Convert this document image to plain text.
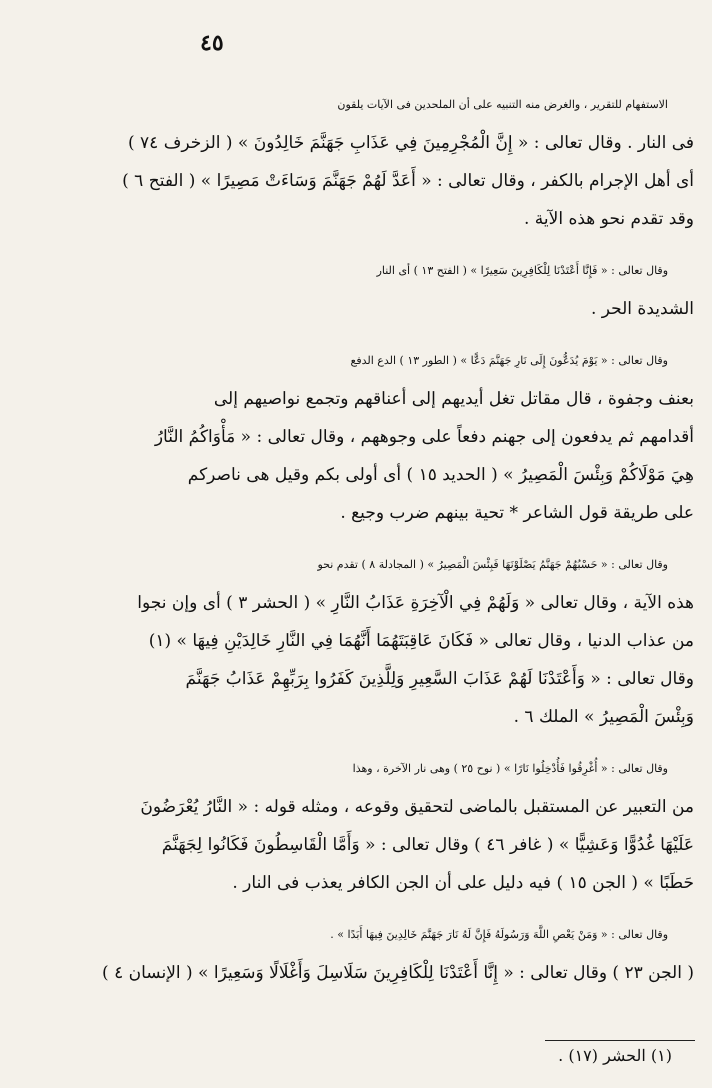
٤٥
الاستفهام للتقرير ، والغرض منه التنبيه على أن الملحدين فى الآيات يلقون
فى النار . وقال تعالى : « إِنَّ الْمُجْرِمِينَ فِي عَذَابِ جَهَنَّمَ خَالِدُونَ » ( الزخرف ٧٤ )
أى أهل الإجرام بالكفر ، وقال تعالى : « أَعَدَّ لَهُمْ جَهَنَّمَ وَسَاءَتْ مَصِيرًا » ( الفتح ٦ )
وقد تقدم نحو هذه الآية .
وقال تعالى : « فَإِنَّا أَعْتَدْنَا لِلْكَافِرِينَ سَعِيرًا » ( الفتح ١٣ ) أى النار
الشديدة الحر .
وقال تعالى : « يَوْمَ يُدَعُّونَ إِلَى نَارِ جَهَنَّمَ دَعًّا » ( الطور ١٣ ) الدع الدفع
بعنف وجفوة ، قال مقاتل تغل أيديهم إلى أعناقهم وتجمع نواصيهم إلى
أقدامهم ثم يدفعون إلى جهنم دفعاً على وجوههم ، وقال تعالى : « مَأْوَاكُمُ النَّارُ
هِيَ مَوْلَاكُمْ وَبِئْسَ الْمَصِيرُ » ( الحديد ١٥ ) أى أولى بكم وقيل هى ناصركم
على طريقة قول الشاعر * تحية بينهم ضرب وجيع .
وقال تعالى : « حَسْبُهُمْ جَهَنَّمُ يَصْلَوْنَهَا فَبِئْسَ الْمَصِيرُ » ( المجادلة ٨ ) تقدم نحو
هذه الآية ، وقال تعالى « وَلَهُمْ فِي الْآخِرَةِ عَذَابُ النَّارِ » ( الحشر ٣ ) أى وإن نجوا
من عذاب الدنيا ، وقال تعالى « فَكَانَ عَاقِبَتَهُمَا أَنَّهُمَا فِي النَّارِ خَالِدَيْنِ فِيهَا » (١)
وقال تعالى : « وَأَعْتَدْنَا لَهُمْ عَذَابَ السَّعِيرِ وَلِلَّذِينَ كَفَرُوا بِرَبِّهِمْ عَذَابُ جَهَنَّمَ
وَبِئْسَ الْمَصِيرُ » الملك ٦ .
وقال تعالى : « أُغْرِقُوا فَأُدْخِلُوا نَارًا » ( نوح ٢٥ ) وهى نار الآخرة ، وهذا
من التعبير عن المستقبل بالماضى لتحقيق وقوعه ، ومثله قوله : « النَّارُ يُعْرَضُونَ
عَلَيْهَا غُدُوًّا وَعَشِيًّا » ( غافر ٤٦ ) وقال تعالى : « وَأَمَّا الْقَاسِطُونَ فَكَانُوا لِجَهَنَّمَ
حَطَبًا » ( الجن ١٥ ) فيه دليل على أن الجن الكافر يعذب فى النار .
وقال تعالى : « وَمَنْ يَعْصِ اللَّهَ وَرَسُولَهُ فَإِنَّ لَهُ نَارَ جَهَنَّمَ خَالِدِينَ فِيهَا أَبَدًا » .
( الجن ٢٣ ) وقال تعالى : « إِنَّا أَعْتَدْنَا لِلْكَافِرِينَ سَلَاسِلَ وَأَغْلَالًا وَسَعِيرًا » ( الإنسان ٤ )
(١) الحشر (١٧) .
